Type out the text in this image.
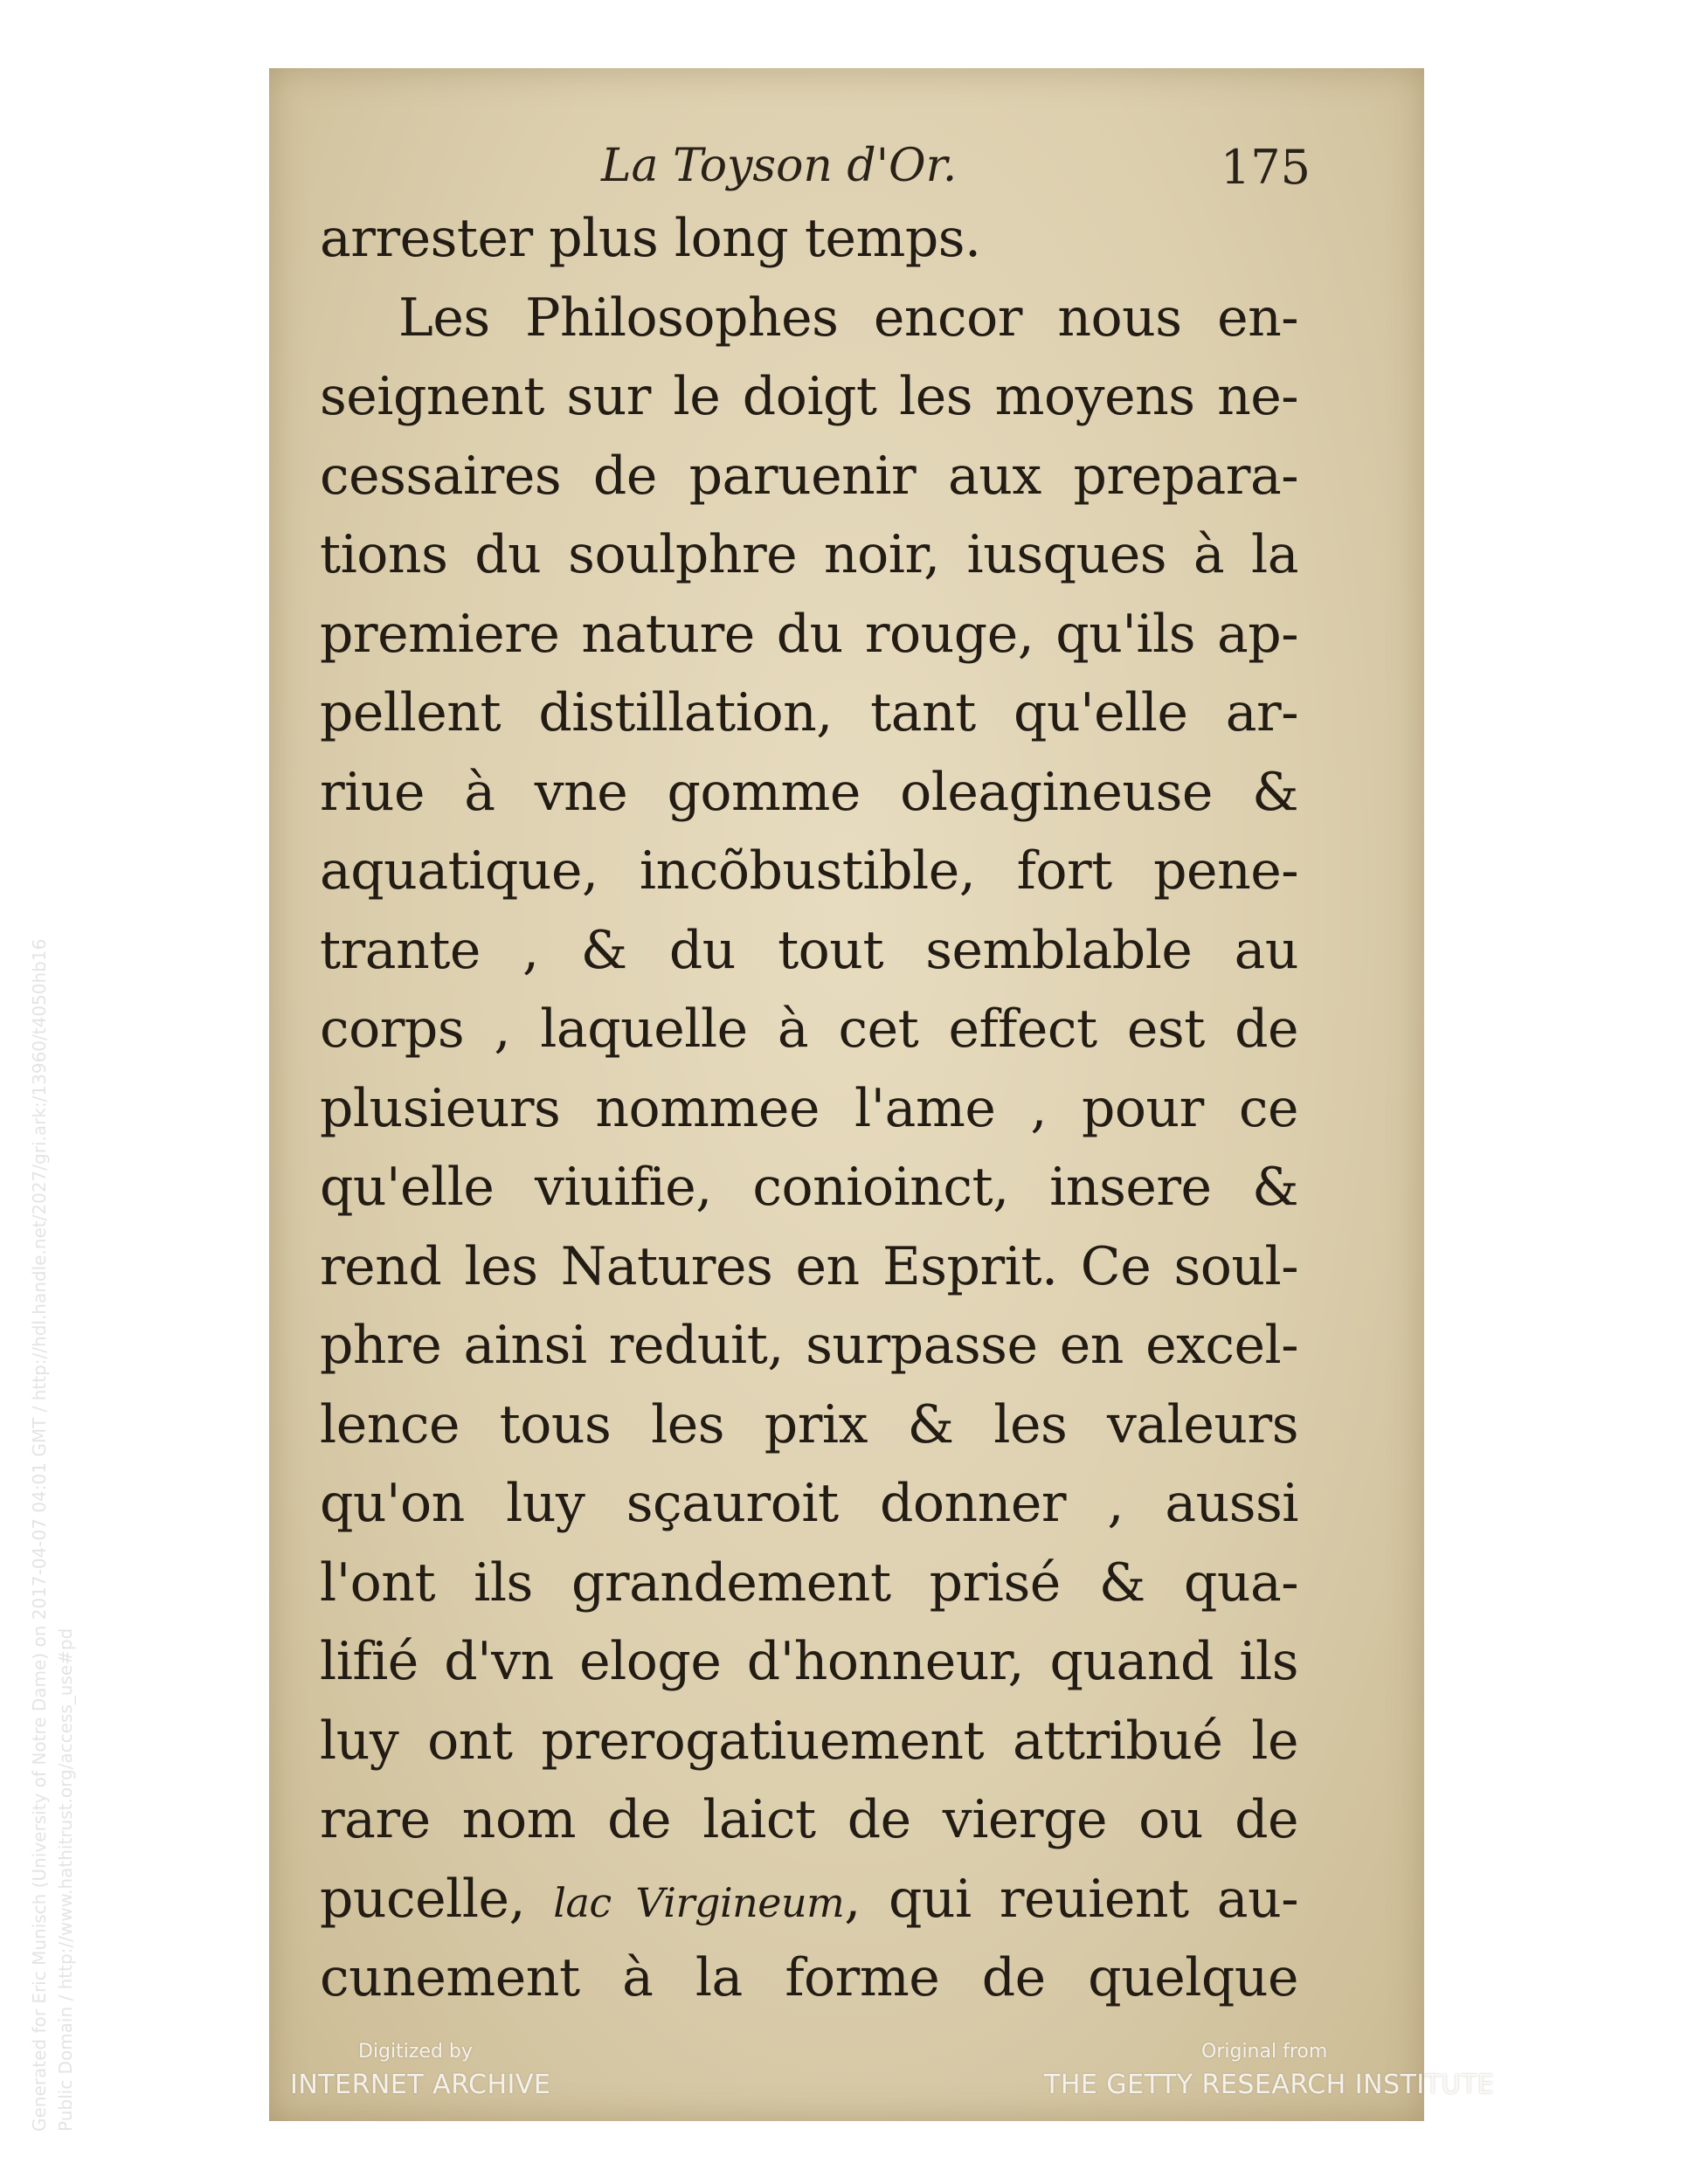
La Toyson d'Or.	175
arrester plus long temps.
Les Philosophes encor nous en-
seignent sur le doigt les moyens ne-
cessaires de paruenir aux prepara-
tions du soulphre noir, iusques à la
premiere nature du rouge, qu'ils ap-
pellent distillation, tant qu'elle ar-
riue à vne gomme oleagineuse &
aquatique, incõbustible, fort pene-
trante , & du tout semblable au
corps , laquelle à cet effect est de
plusieurs nommee l'ame , pour ce
qu'elle viuifie, conioinct, insere &
rend les Natures en Esprit. Ce soul-
phre ainsi reduit, surpasse en excel-
lence tous les prix & les valeurs
qu'on luy sçauroit donner , aussi
l'ont ils grandement prisé & qua-
lifié d'vn eloge d'honneur, quand ils
luy ont prerogatiuement attribué le
rare nom de laict de vierge ou de
pucelle, lac Virgineum, qui reuient au-
cunement à la forme de quelque
Digitized by
INTERNET ARCHIVE
Original from
THE GETTY RESEARCH INSTITUTE
Generated for Eric Munisch (University of Notre Dame) on 2017-04-07 04:01 GMT / http://hdl.handle.net/2027/gri.ark:/13960/t4050hb16 Public Domain / http://www.hathitrust.org/access_use#pd
